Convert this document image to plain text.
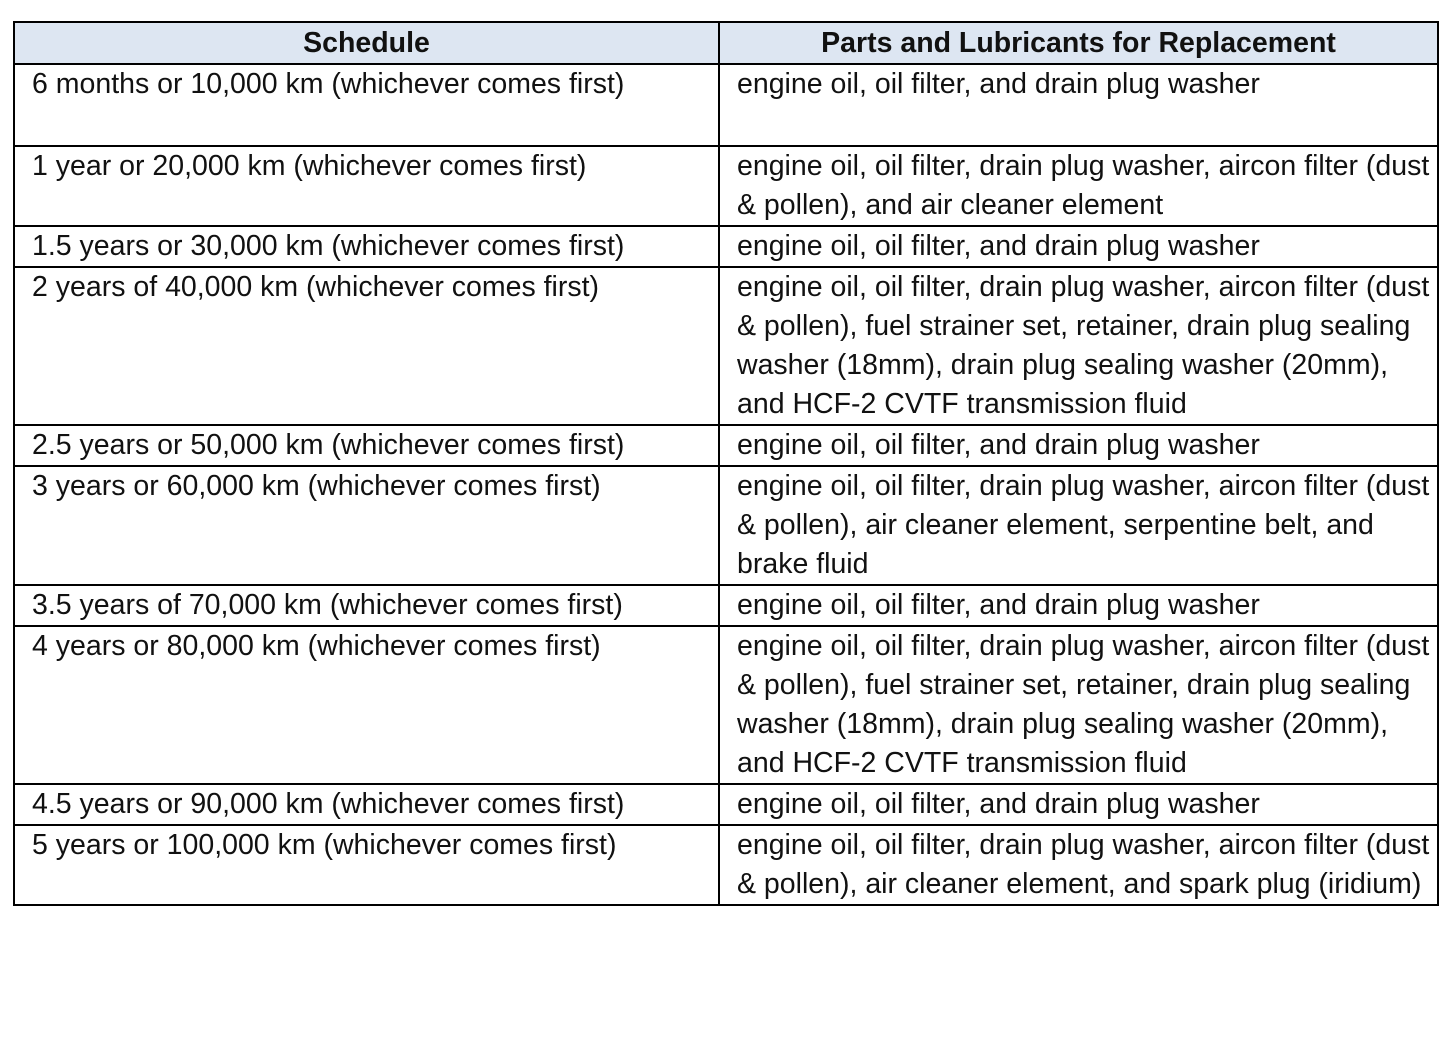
Schedule	Parts and Lubricants for Replacement
6 months or 10,000 km (whichever comes first)	engine oil, oil filter, and drain plug washer
1 year or 20,000 km (whichever comes first)	engine oil, oil filter, drain plug washer, aircon filter (dust & pollen), and air cleaner element
1.5 years or 30,000 km (whichever comes first)	engine oil, oil filter, and drain plug washer
2 years of 40,000 km (whichever comes first)	engine oil, oil filter, drain plug washer, aircon filter (dust & pollen), fuel strainer set, retainer, drain plug sealing washer (18mm), drain plug sealing washer (20mm), and HCF-2 CVTF transmission fluid
2.5 years or 50,000 km (whichever comes first)	engine oil, oil filter, and drain plug washer
3 years or 60,000 km (whichever comes first)	engine oil, oil filter, drain plug washer, aircon filter (dust & pollen), air cleaner element, serpentine belt, and brake fluid
3.5 years of 70,000 km (whichever comes first)	engine oil, oil filter, and drain plug washer
4 years or 80,000 km (whichever comes first)	engine oil, oil filter, drain plug washer, aircon filter (dust & pollen), fuel strainer set, retainer, drain plug sealing washer (18mm), drain plug sealing washer (20mm), and HCF-2 CVTF transmission fluid
4.5 years or 90,000 km (whichever comes first)	engine oil, oil filter, and drain plug washer
5 years or 100,000 km (whichever comes first)	engine oil, oil filter, drain plug washer, aircon filter (dust & pollen), air cleaner element, and spark plug (iridium)
